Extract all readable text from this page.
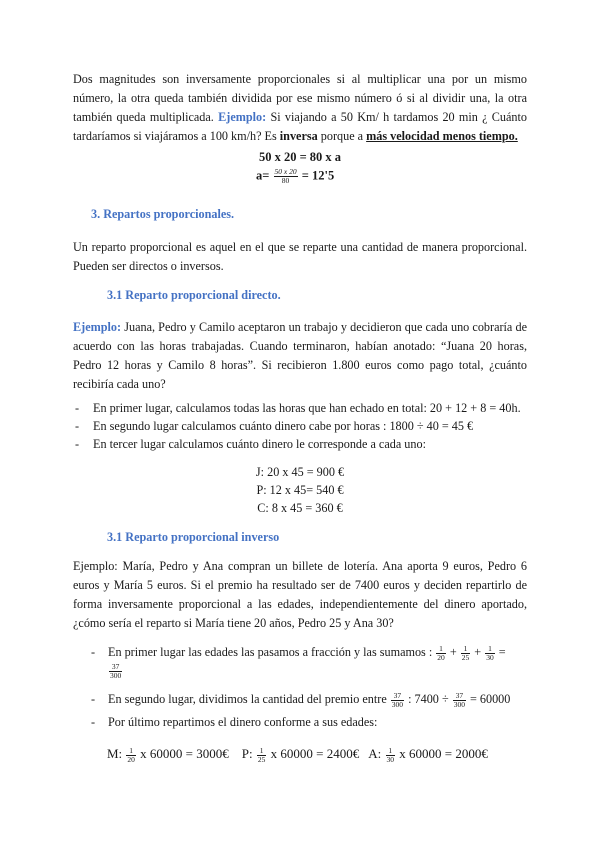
Dos magnitudes son inversamente proporcionales si al multiplicar una por un mismo número, la otra queda también dividida por ese mismo número ó si al dividir una, la otra también queda multiplicada. Ejemplo: Si viajando a 50 Km/ h tardamos 20 min ¿ Cuánto tardaríamos si viajáramos a 100 km/h? Es inversa porque a más velocidad menos tiempo.
50 x 20 = 80 x a
$a= \frac{50 x 20}{80} = 12'5$
3. Repartos proporcionales.
Un reparto proporcional es aquel en el que se reparte una cantidad de manera proporcional. Pueden ser directos o inversos.
3.1 Reparto proporcional directo.
Ejemplo: Juana, Pedro y Camilo aceptaron un trabajo y decidieron que cada uno cobraría de acuerdo con las horas trabajadas. Cuando terminaron, habían anotado: “Juana 20 horas, Pedro 12 horas y Camilo 8 horas”. Si recibieron 1.800 euros como pago total, ¿cuánto recibiría cada uno?
- En primer lugar, calculamos todas las horas que han echado en total: 20 + 12 + 8 = 40h.
- En segundo lugar calculamos cuánto dinero cabe por horas : 1800 ÷ 40 = 45 €
- En tercer lugar calculamos cuánto dinero le corresponde a cada uno:
J: 20 x 45 = 900 €
P: 12 x 45= 540 €
C: 8 x 45 = 360 €
3.1 Reparto proporcional inverso
Ejemplo: María, Pedro y Ana compran un billete de lotería. Ana aporta 9 euros, Pedro 6 euros y María 5 euros. Si el premio ha resultado ser de 7400 euros y deciden repartirlo de forma inversamente proporcional a las edades, independientemente del dinero aportado, ¿cómo sería el reparto si María tiene 20 años, Pedro 25 y Ana 30?
-	En primer lugar las edades las pasamos a fracción y las sumamos : $\frac{1}{20} + \frac{1}{25} + \frac{1}{30}$ =
$\frac{37}{300}$
-	En segundo lugar, dividimos la cantidad del premio entre $\frac{37}{300}$ : $7400 \div \frac{37}{300} = 60000$
-	Por último repartimos el dinero conforme a sus edades:
M: $\frac{1}{20}$ x 60000 = 3000€ P: $\frac{1}{25}$ x 60000 = 2400€ A: $\frac{1}{30}$ x 60000 = 2000€
